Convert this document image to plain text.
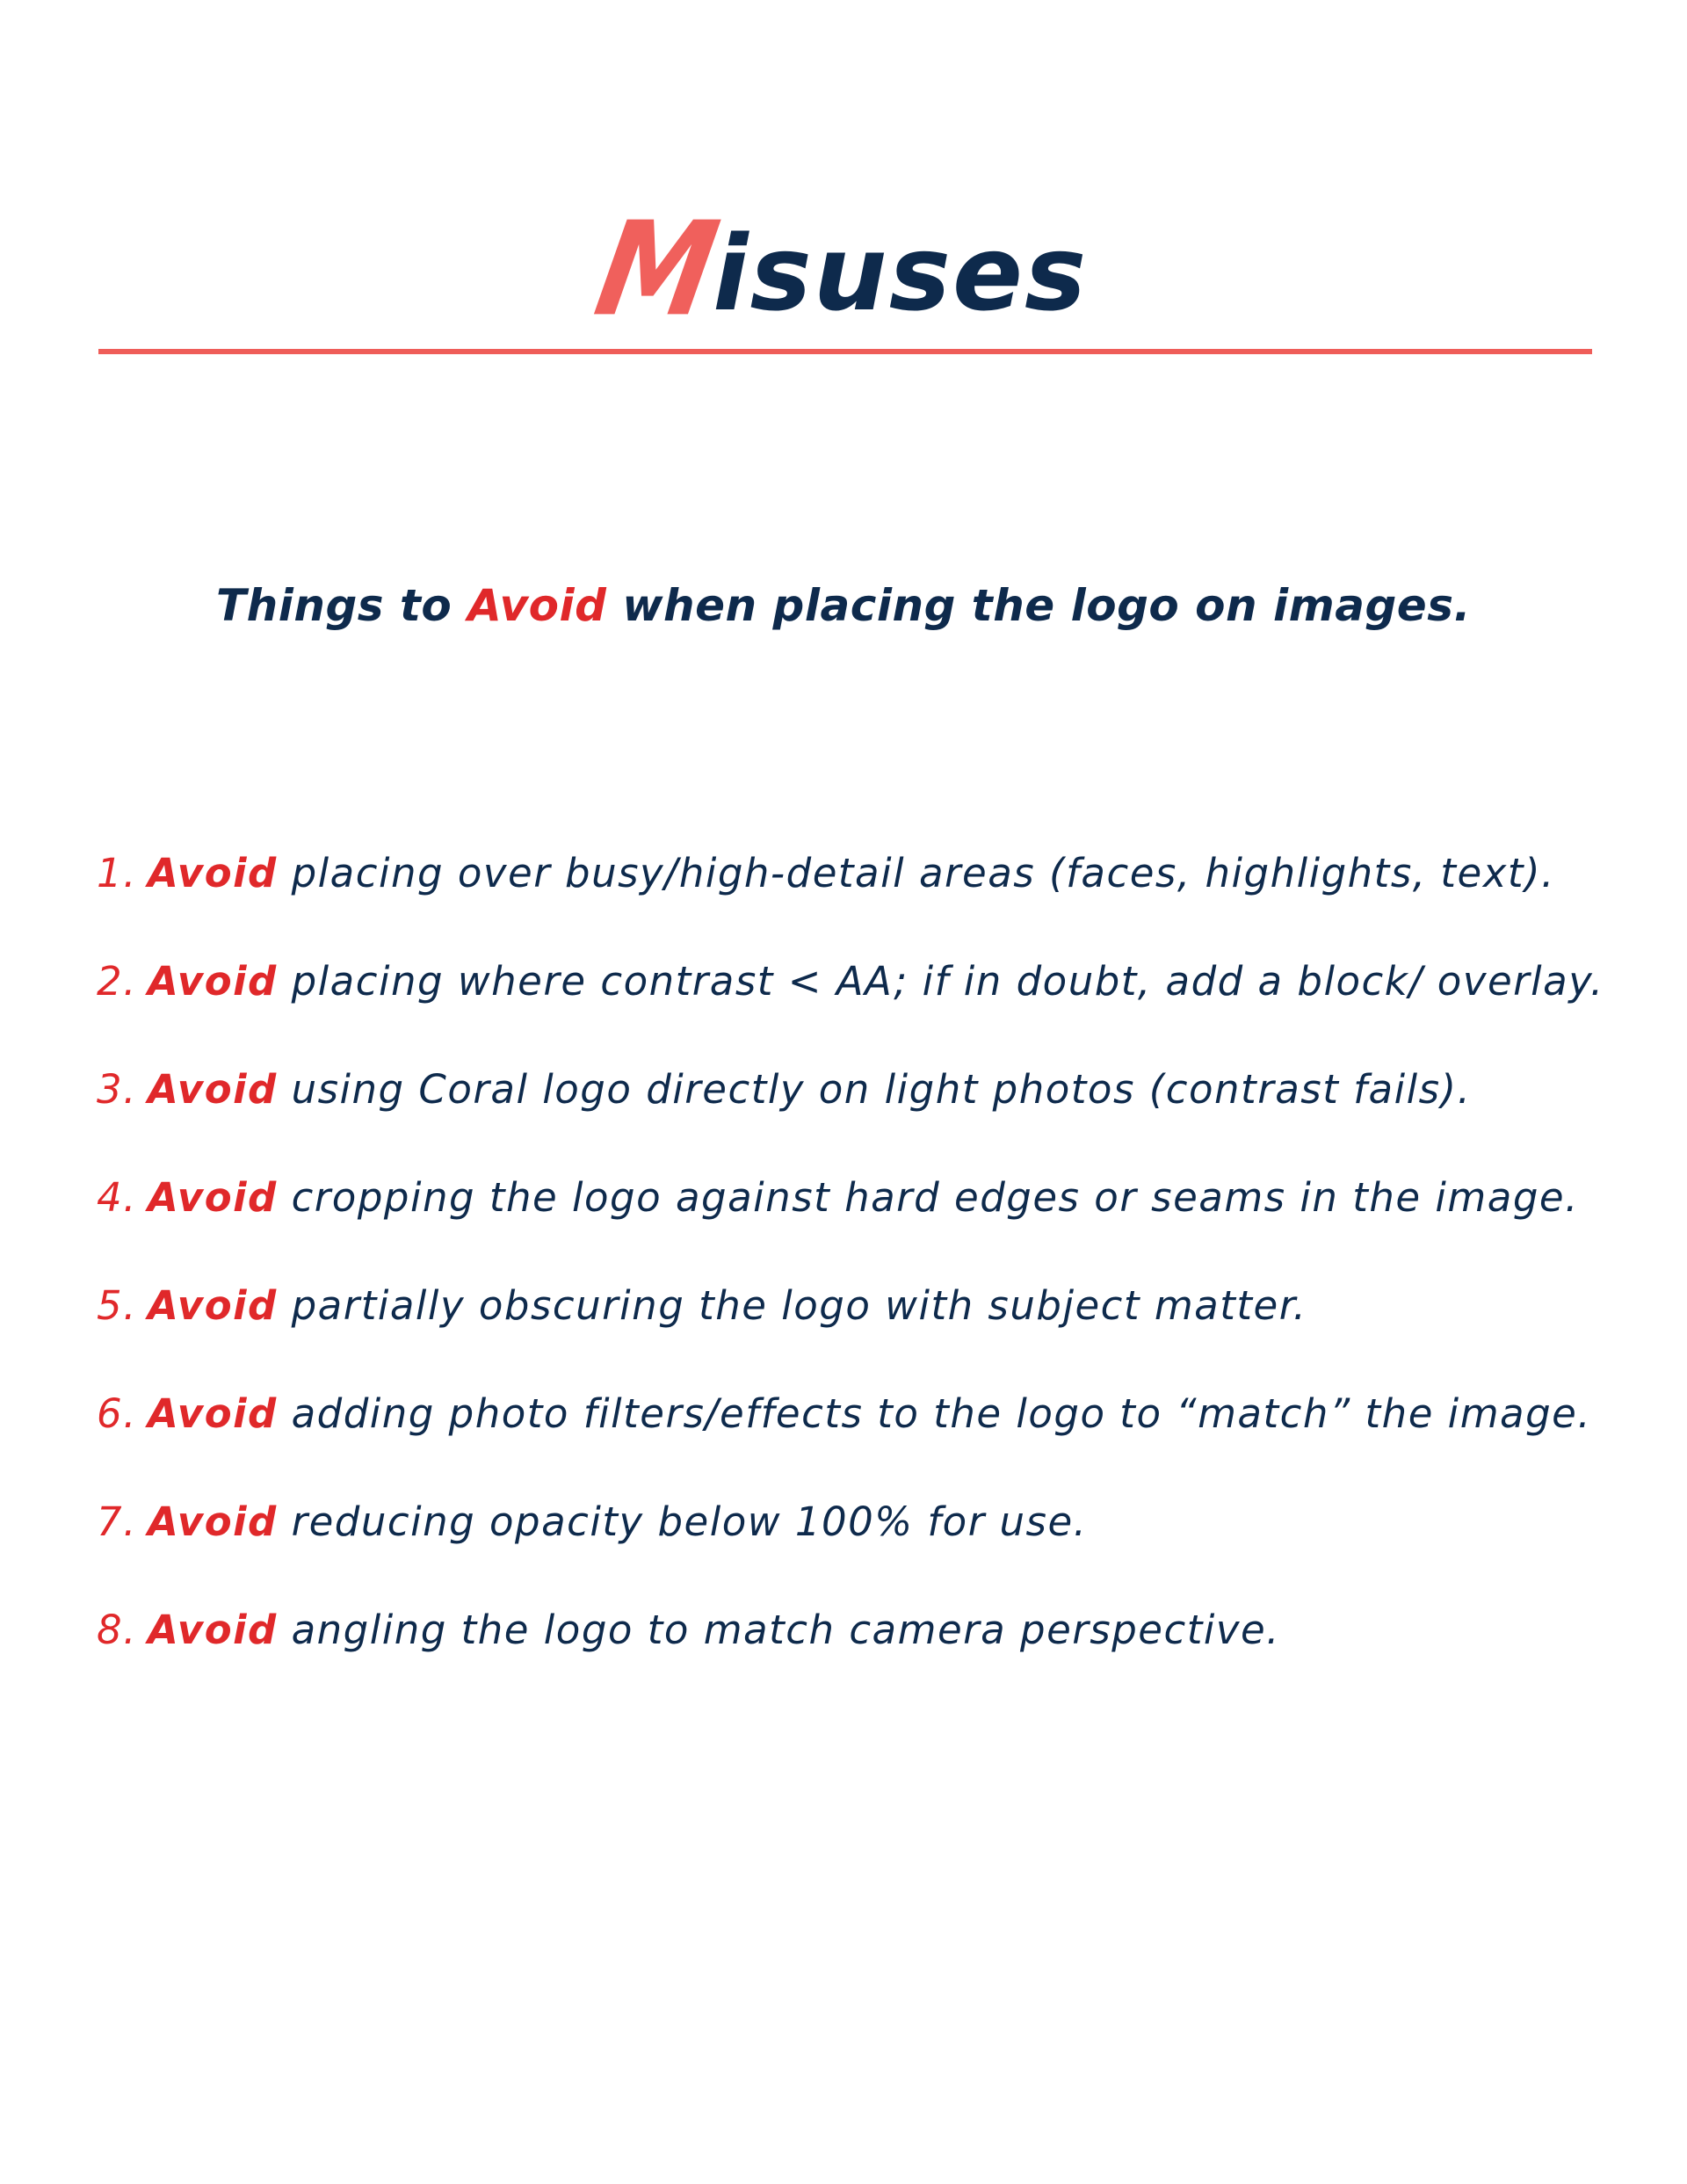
Misuses
Things to Avoid when placing the logo on images.
1. Avoid placing over busy/high-detail areas (faces, highlights, text).
2. Avoid placing where contrast < AA; if in doubt, add a block/ overlay.
3. Avoid using Coral logo directly on light photos (contrast fails).
4. Avoid cropping the logo against hard edges or seams in the image.
5. Avoid partially obscuring the logo with subject matter.
6. Avoid adding photo filters/effects to the logo to “match” the image.
7. Avoid reducing opacity below 100% for use.
8. Avoid angling the logo to match camera perspective.
